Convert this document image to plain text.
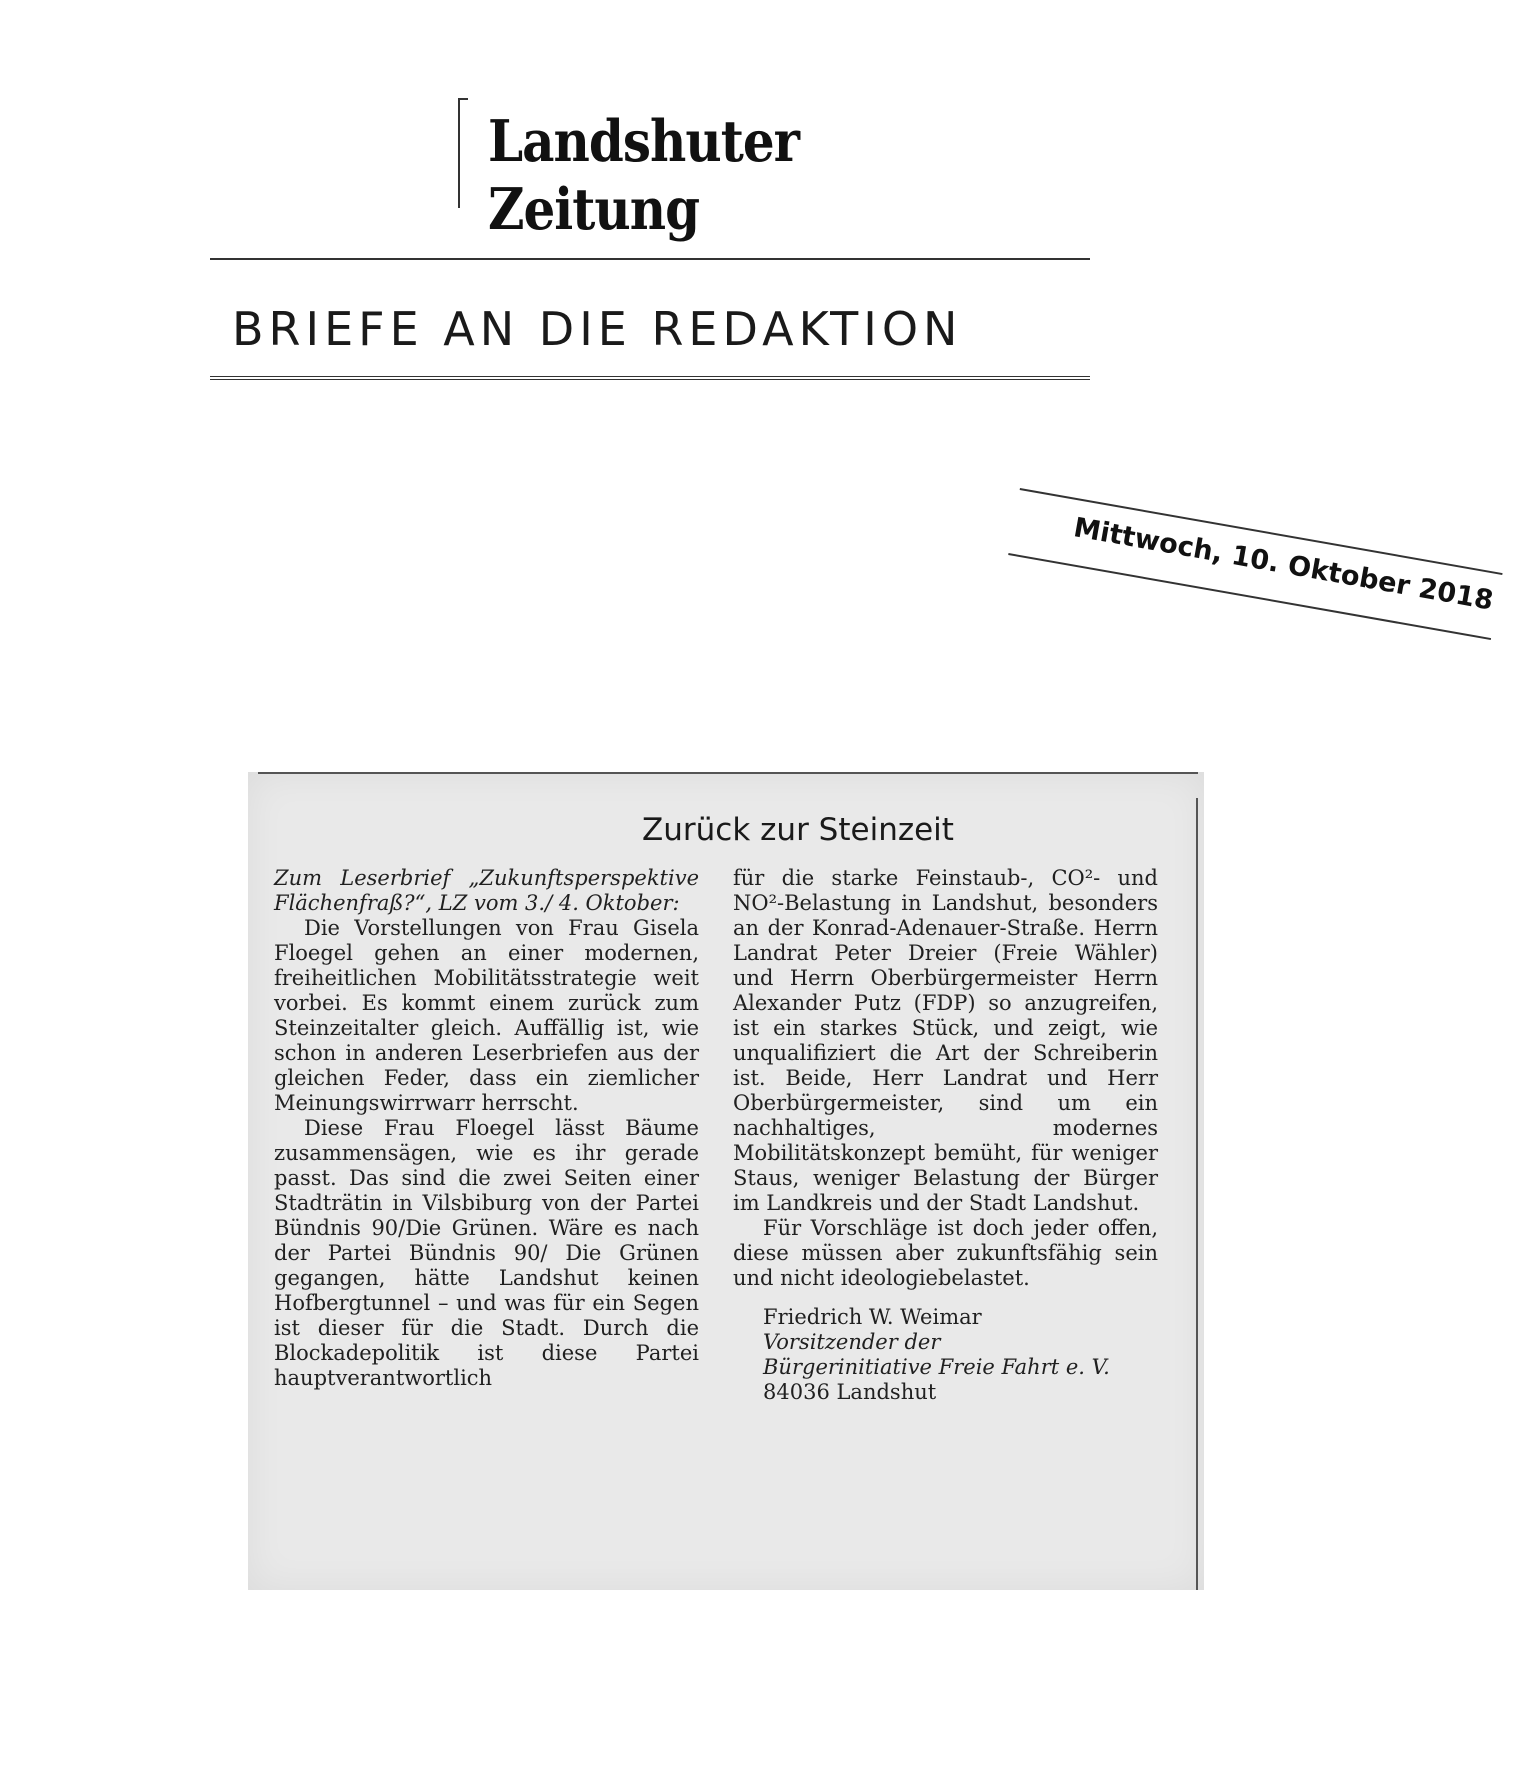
Landshuter Zeitung
BRIEFE AN DIE REDAKTION
Mittwoch, 10. Oktober 2018
Zurück zur Steinzeit

Zum Leserbrief „Zukunftsperspektive Flächenfraß?“, LZ vom 3./ 4. Oktober:

Die Vorstellungen von Frau Gisela Floegel gehen an einer modernen, freiheitlichen Mobilitätsstrategie weit vorbei. Es kommt einem zurück zum Steinzeitalter gleich. Auffällig ist, wie schon in anderen Leserbriefen aus der gleichen Feder, dass ein ziemlicher Meinungswirrwarr herrscht.

Diese Frau Floegel lässt Bäume zusammensägen, wie es ihr gerade passt. Das sind die zwei Seiten einer Stadträtin in Vilsbiburg von der Partei Bündnis 90/Die Grünen. Wäre es nach der Partei Bündnis 90/ Die Grünen gegangen, hätte Landshut keinen Hofbergtunnel – und was für ein Segen ist dieser für die Stadt. Durch die Blockadepolitik ist diese Partei hauptverantwortlich

für die starke Feinstaub-, CO²- und NO²-Belastung in Landshut, besonders an der Konrad-Adenauer-Straße. Herrn Landrat Peter Dreier (Freie Wähler) und Herrn Oberbürgermeister Herrn Alexander Putz (FDP) so anzugreifen, ist ein starkes Stück, und zeigt, wie unqualifiziert die Art der Schreiberin ist. Beide, Herr Landrat und Herr Oberbürgermeister, sind um ein nachhaltiges, modernes Mobilitätskonzept bemüht, für weniger Staus, weniger Belastung der Bürger im Landkreis und der Stadt Landshut.

Für Vorschläge ist doch jeder offen, diese müssen aber zukunftsfähig sein und nicht ideologiebelastet.

Friedrich W. Weimar

Vorsitzender der

Bürgerinitiative Freie Fahrt e. V.

84036 Landshut
